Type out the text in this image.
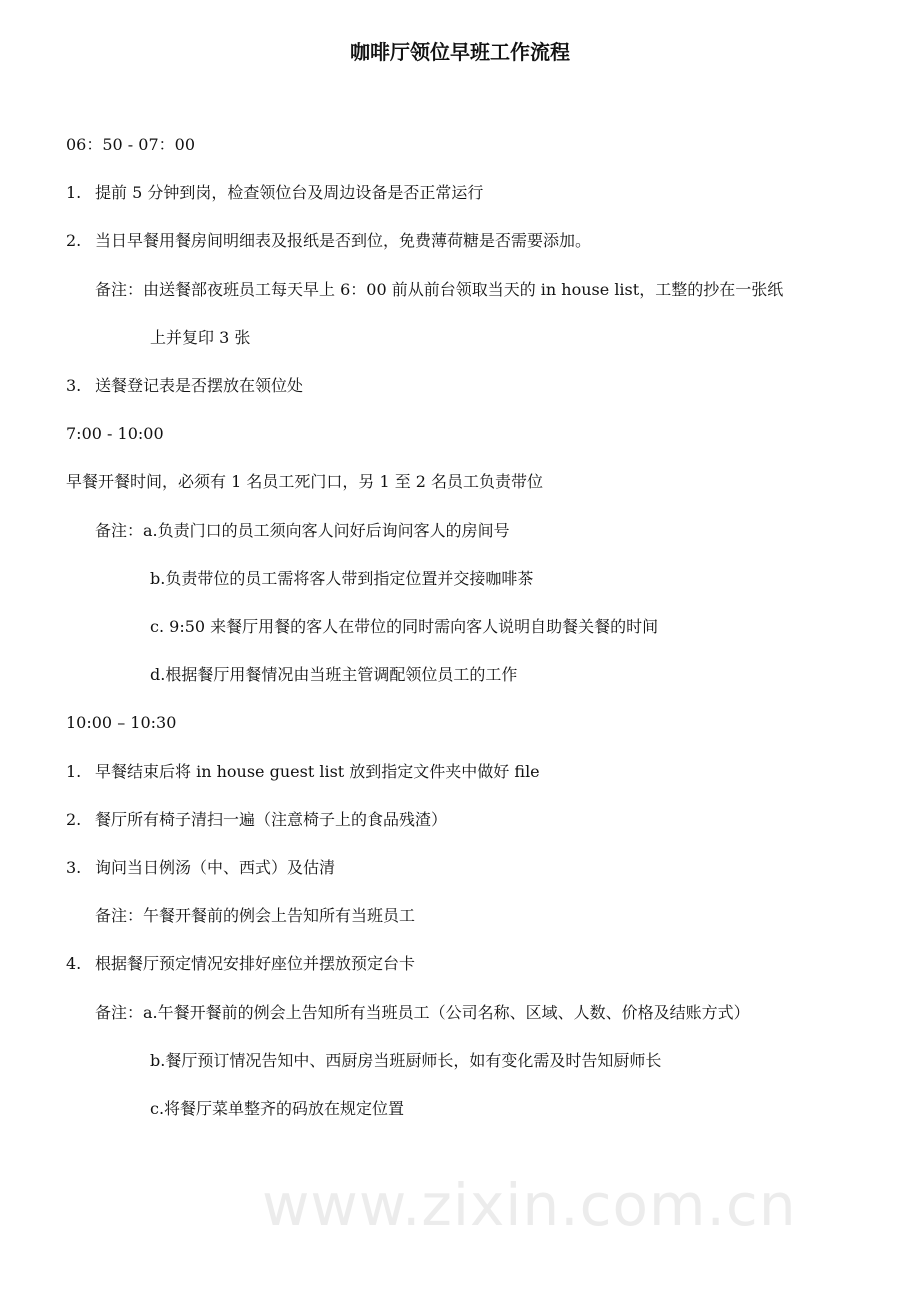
咖啡厅领位早班工作流程
06：50 - 07：00
1. 提前 5 分钟到岗，检查领位台及周边设备是否正常运行
2. 当日早餐用餐房间明细表及报纸是否到位，免费薄荷糖是否需要添加。
备注：由送餐部夜班员工每天早上 6：00 前从前台领取当天的 in house list，工整的抄在一张纸
上并复印 3 张
3. 送餐登记表是否摆放在领位处
7:00 - 10:00
早餐开餐时间，必须有 1 名员工死门口，另 1 至 2 名员工负责带位
备注：a.负责门口的员工须向客人问好后询问客人的房间号
b.负责带位的员工需将客人带到指定位置并交接咖啡茶
c. 9:50 来餐厅用餐的客人在带位的同时需向客人说明自助餐关餐的时间
d.根据餐厅用餐情况由当班主管调配领位员工的工作
10:00 – 10:30
1. 早餐结束后将 in house guest list 放到指定文件夹中做好 file
2. 餐厅所有椅子清扫一遍（注意椅子上的食品残渣）
3. 询问当日例汤（中、西式）及估清
备注：午餐开餐前的例会上告知所有当班员工
4. 根据餐厅预定情况安排好座位并摆放预定台卡
备注：a.午餐开餐前的例会上告知所有当班员工（公司名称、区域、人数、价格及结账方式）
b.餐厅预订情况告知中、西厨房当班厨师长，如有变化需及时告知厨师长
c.将餐厅菜单整齐的码放在规定位置
www.zixin.com.cn
